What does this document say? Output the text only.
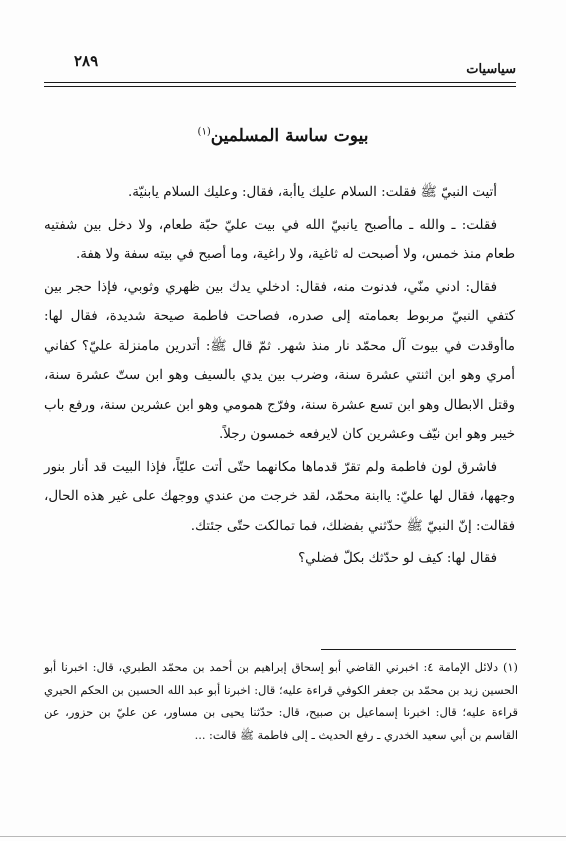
٢٨٩	سياسيات
بيوت ساسة المسلمين$^{(١)}$

أتيت النبيّ ﷺ فقلت: السلام عليك ياأبة، فقال: وعليك السلام يابنيّة.

فقلت: ـ والله ـ ماأصبح يانبيّ الله في بيت عليّ حبّة طعام، ولا دخل بين شفتيه طعام منذ خمس، ولا أصبحت له ثاغية، ولا راغية، وما أصبح في بيته سفة ولا هفة.

فقال: ادني منّي، فدنوت منه، فقال: ادخلي يدك بين ظهري وثوبي، فإذا حجر بين كتفي النبيّ مربوط بعمامته إلى صدره، فصاحت فاطمة صيحة شديدة، فقال لها: ماأوقدت في بيوت آل محمّد نار منذ شهر. ثمّ قال ﷺ: أتدرين مامنزلة عليّ؟ كفاني أمري وهو ابن اثنتي عشرة سنة، وضرب بين يدي بالسيف وهو ابن ستّ عشرة سنة، وقتل الابطال وهو ابن تسع عشرة سنة، وفرّج همومي وهو ابن عشرين سنة، ورفع باب خيبر وهو ابن نيّف وعشرين كان لايرفعه خمسون رجلاً.

فاشرق لون فاطمة ولم تقرّ قدماها مكانهما حتّى أتت عليّاً، فإذا البيت قد أنار بنور وجهها، فقال لها عليّ: ياابنة محمّد، لقد خرجت من عندي ووجهك على غير هذه الحال، فقالت: إنّ النبيّ ﷺ حدّثني بفضلك، فما تمالكت حتّى جئتك.

فقال لها: كيف لو حدّثك بكلّ فضلي؟

(١) دلائل الإمامة ٤: اخبرني القاضي أبو إسحاق إبراهيم بن أحمد بن محمّد الطبري، قال: اخبرنا أبو الحسين زيد بن محمّد بن جعفر الكوفي قراءة عليه؛ قال: اخبرنا أبو عبد الله الحسين بن الحكم الحيري قراءة عليه؛ قال: اخبرنا إسماعيل بن صبيح، قال: حدّثنا يحيى بن مساور، عن عليّ بن حزور، عن القاسم بن أبي سعيد الخدري ـ رفع الحديث ـ إلى فاطمة ﷺ قالت: ...
